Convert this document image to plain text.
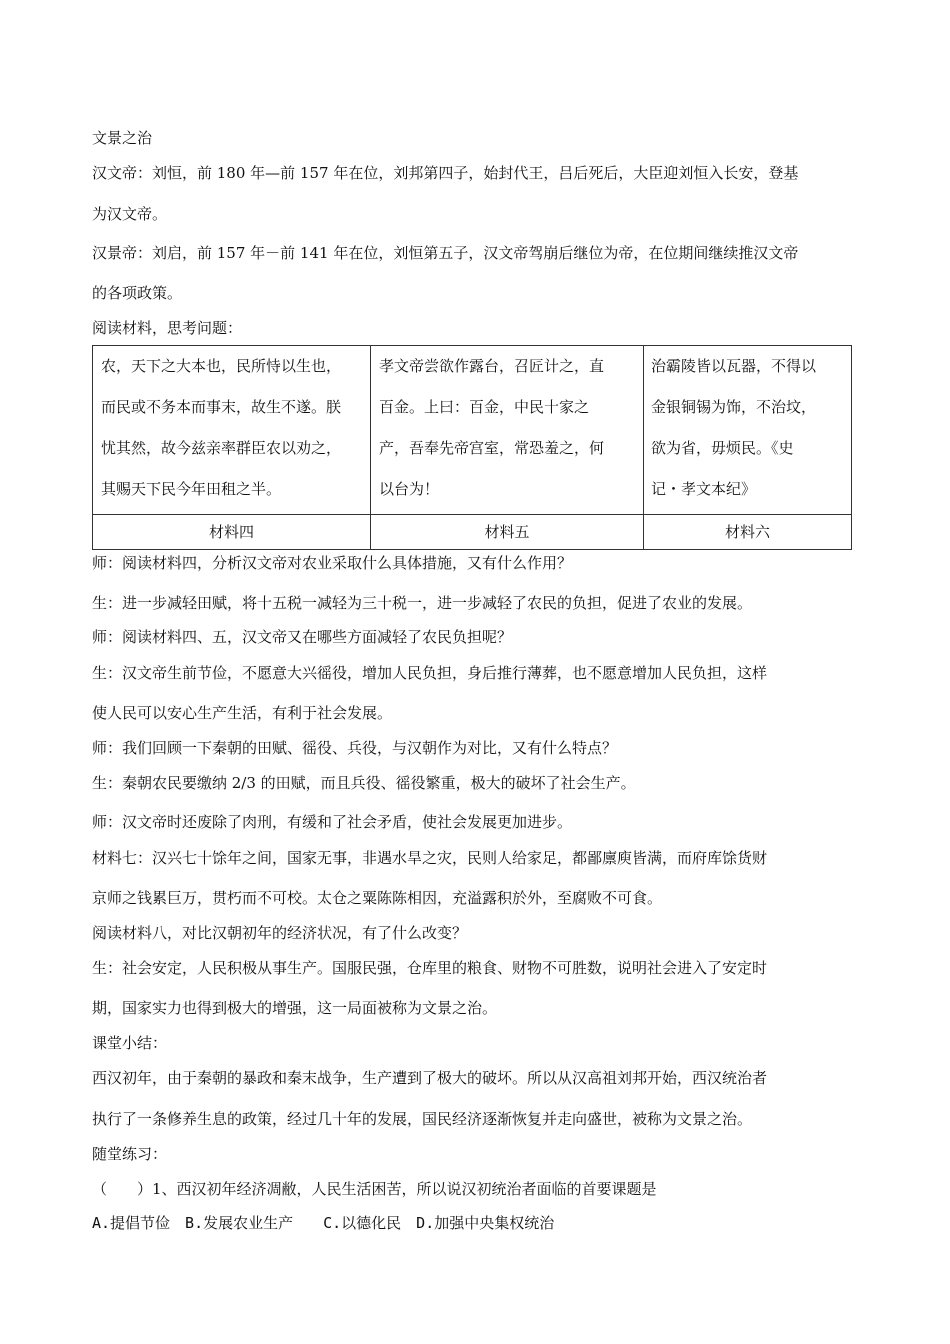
文景之治
汉文帝：刘恒，前 180 年—前 157 年在位，刘邦第四子，始封代王，吕后死后，大臣迎刘恒入长安，登基
为汉文帝。
汉景帝：刘启，前 157 年－前 141 年在位，刘恒第五子，汉文帝驾崩后继位为帝，在位期间继续推汉文帝
的各项政策。
阅读材料，思考问题：
农，天下之大本也，民所恃以生也，
而民或不务本而事末，故生不遂。朕
忧其然，故今兹亲率群臣农以劝之，
其赐天下民今年田租之半。
孝文帝尝欲作露台，召匠计之，直
百金。上曰：百金，中民十家之
产，吾奉先帝宫室，常恐羞之，何
以台为！
治霸陵皆以瓦器，不得以
金银铜锡为饰，不治坟，
欲为省，毋烦民。《史
记・孝文本纪》
材料四	材料五	材料六
师：阅读材料四，分析汉文帝对农业采取什么具体措施，又有什么作用？
生：进一步减轻田赋，将十五税一减轻为三十税一，进一步减轻了农民的负担，促进了农业的发展。
师：阅读材料四、五，汉文帝又在哪些方面减轻了农民负担呢？
生：汉文帝生前节俭，不愿意大兴徭役，增加人民负担，身后推行薄葬，也不愿意增加人民负担，这样
使人民可以安心生产生活，有利于社会发展。
师：我们回顾一下秦朝的田赋、徭役、兵役，与汉朝作为对比，又有什么特点？
生：秦朝农民要缴纳 2/3 的田赋，而且兵役、徭役繁重，极大的破坏了社会生产。
师：汉文帝时还废除了肉刑，有缓和了社会矛盾，使社会发展更加进步。
材料七：汉兴七十馀年之间，国家无事，非遇水旱之灾，民则人给家足，都鄙廪庾皆满，而府库馀货财
京师之钱累巨万，贯朽而不可校。太仓之粟陈陈相因，充溢露积於外，至腐败不可食。
阅读材料八，对比汉朝初年的经济状况，有了什么改变？
生：社会安定，人民积极从事生产。国服民强，仓库里的粮食、财物不可胜数，说明社会进入了安定时
期，国家实力也得到极大的增强，这一局面被称为文景之治。
课堂小结：
西汉初年，由于秦朝的暴政和秦末战争，生产遭到了极大的破坏。所以从汉高祖刘邦开始，西汉统治者
执行了一条修养生息的政策，经过几十年的发展，国民经济逐渐恢复并走向盛世，被称为文景之治。
随堂练习：
（　　）1、西汉初年经济凋敝，人民生活困苦，所以说汉初统治者面临的首要课题是
A.提倡节俭　B.发展农业生产　　C.以德化民　D.加强中央集权统治
